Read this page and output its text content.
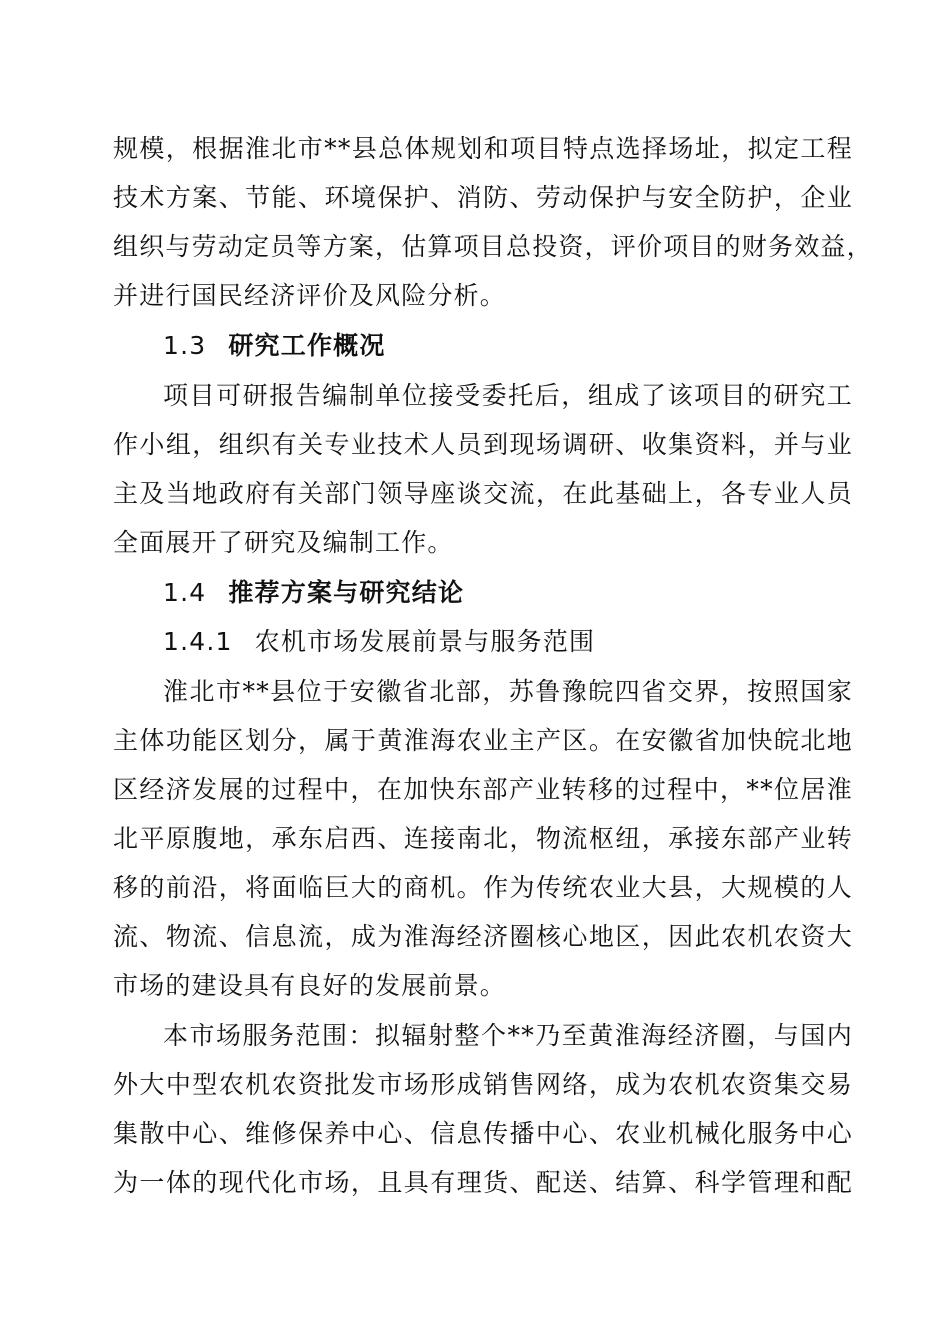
规模，根据淮北市**县总体规划和项目特点选择场址，拟定工程
技术方案、节能、环境保护、消防、劳动保护与安全防护，企业
组织与劳动定员等方案，估算项目总投资，评价项目的财务效益，
并进行国民经济评价及风险分析。
1.3 研究工作概况
项目可研报告编制单位接受委托后，组成了该项目的研究工
作小组，组织有关专业技术人员到现场调研、收集资料，并与业
主及当地政府有关部门领导座谈交流，在此基础上，各专业人员
全面展开了研究及编制工作。
1.4 推荐方案与研究结论
1.4.1 农机市场发展前景与服务范围
淮北市**县位于安徽省北部，苏鲁豫皖四省交界，按照国家
主体功能区划分，属于黄淮海农业主产区。在安徽省加快皖北地
区经济发展的过程中，在加快东部产业转移的过程中，**位居淮
北平原腹地，承东启西、连接南北，物流枢纽，承接东部产业转
移的前沿，将面临巨大的商机。作为传统农业大县，大规模的人
流、物流、信息流，成为淮海经济圈核心地区，因此农机农资大
市场的建设具有良好的发展前景。
本市场服务范围：拟辐射整个**乃至黄淮海经济圈，与国内
外大中型农机农资批发市场形成销售网络，成为农机农资集交易
集散中心、维修保养中心、信息传播中心、农业机械化服务中心
为一体的现代化市场，且具有理货、配送、结算、科学管理和配
